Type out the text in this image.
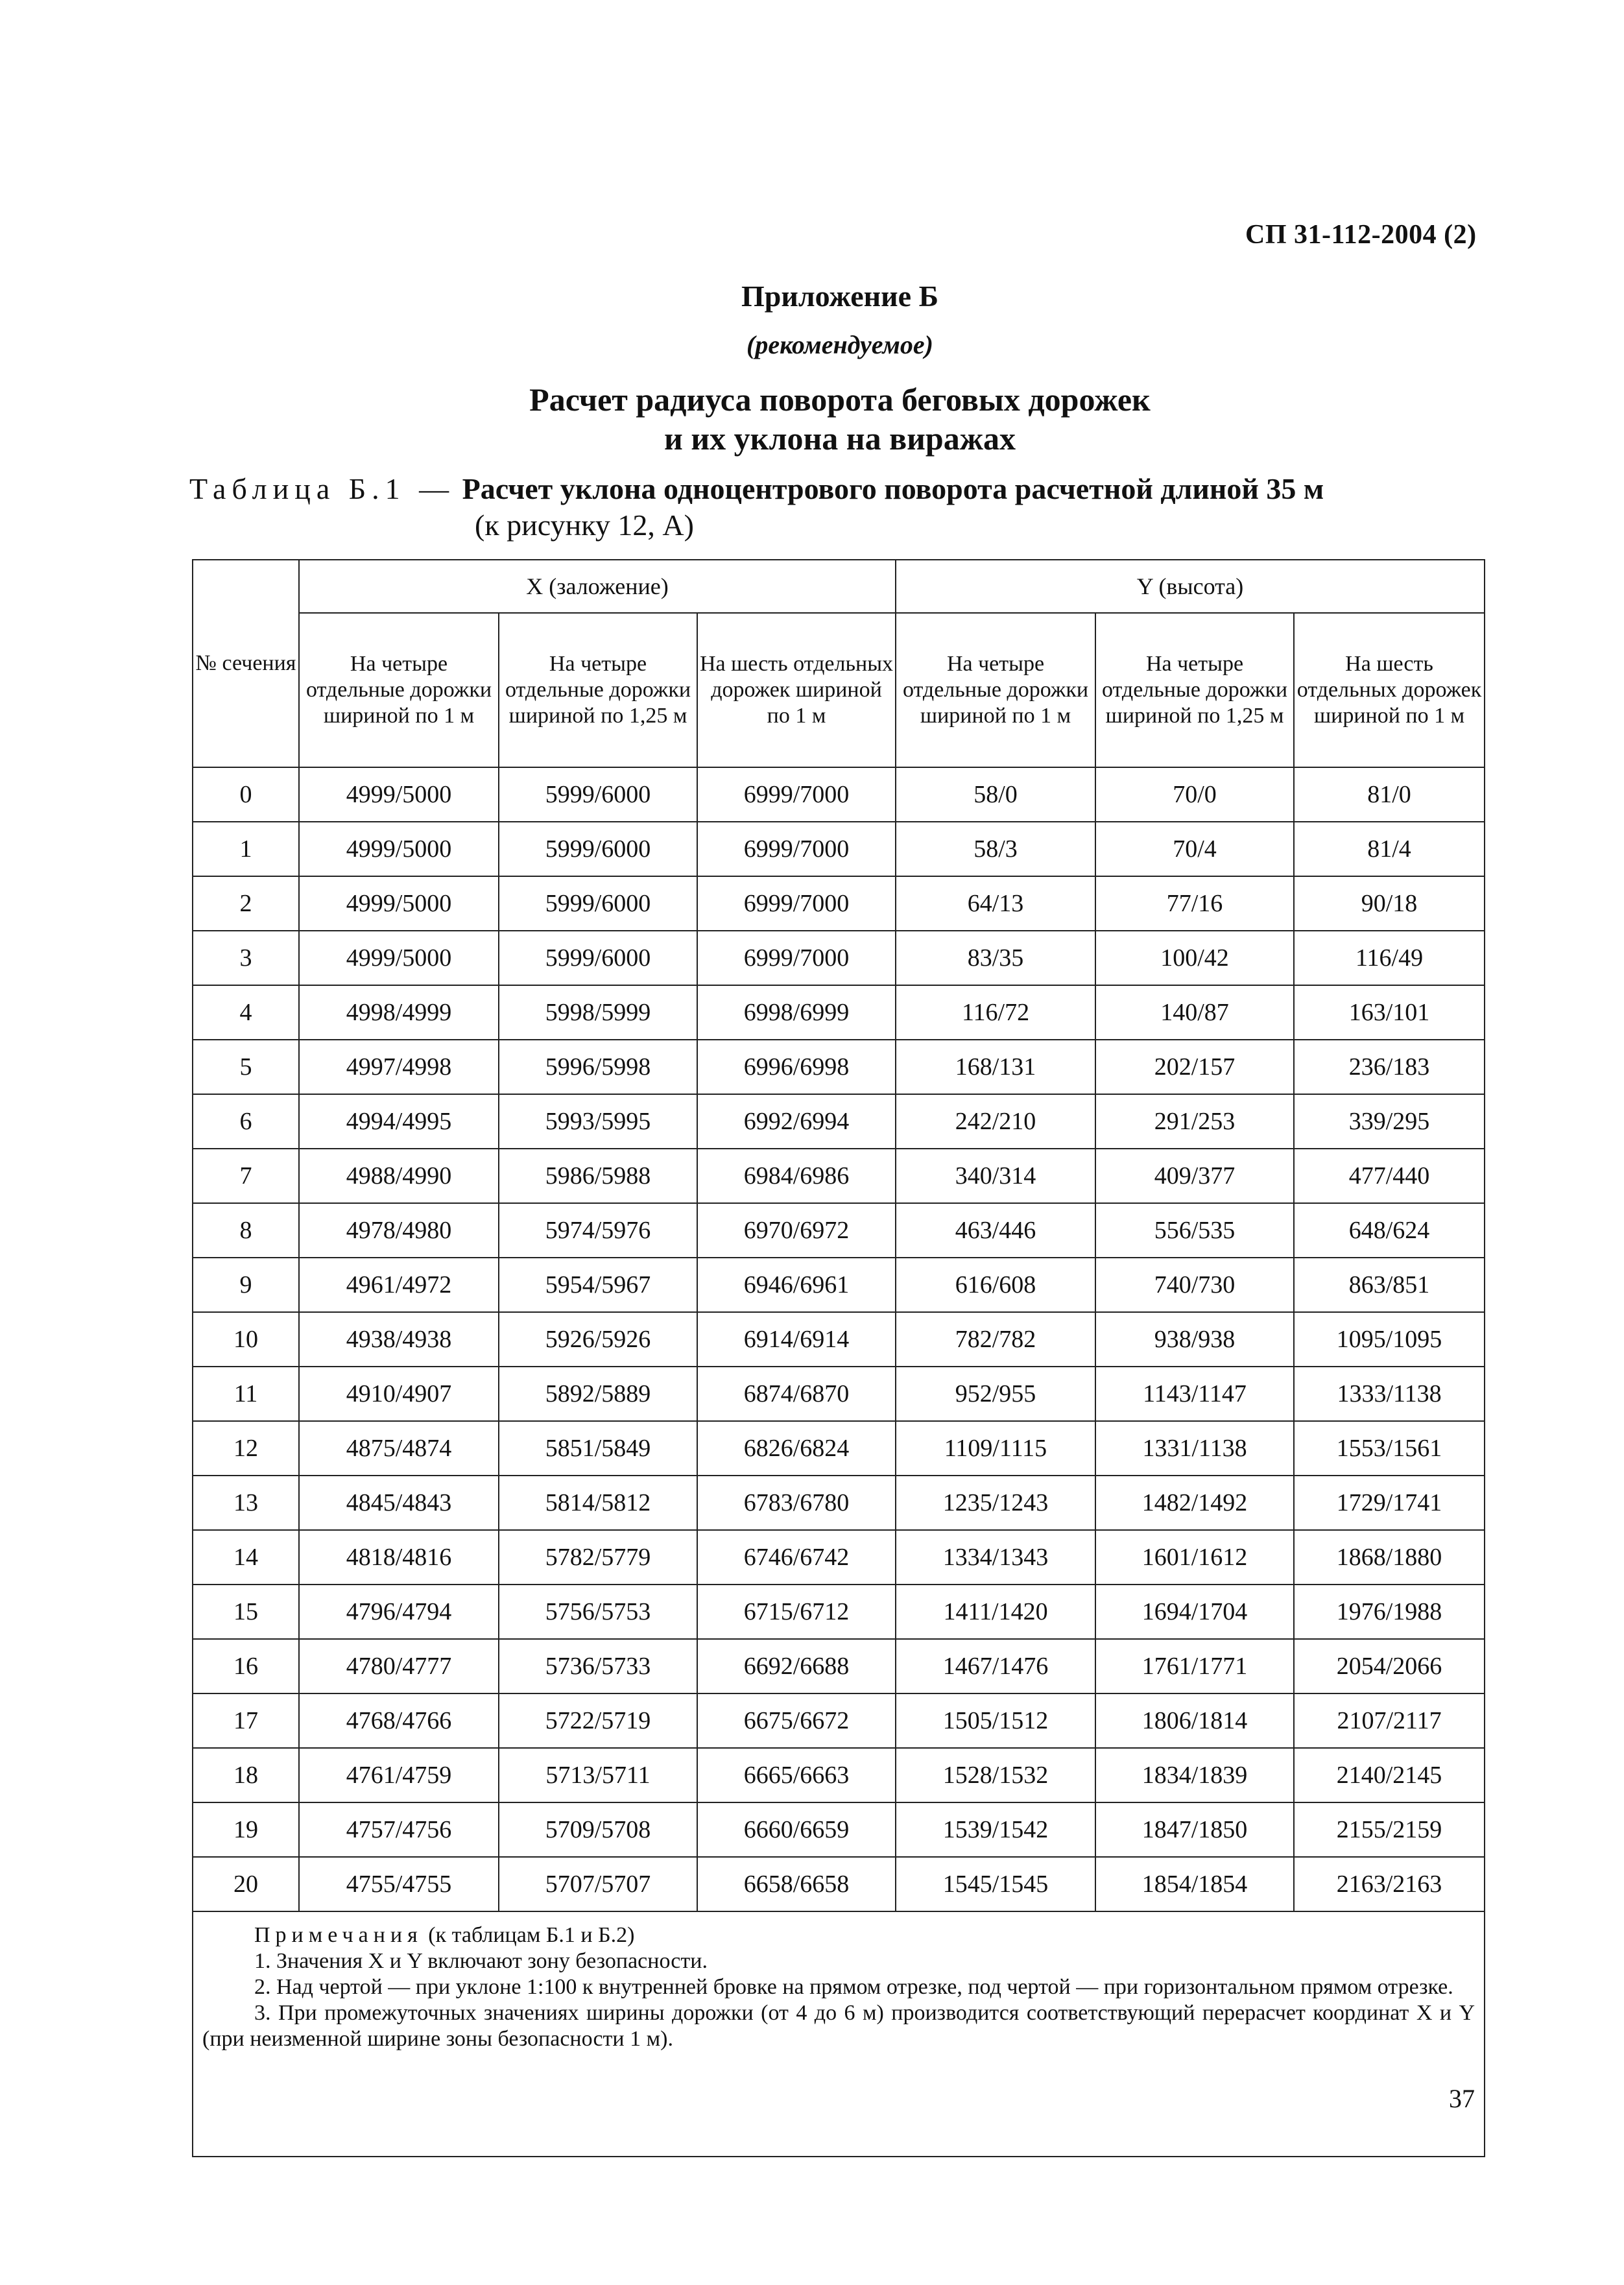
СП 31-112-2004 (2)
Приложение Б
(рекомендуемое)
Расчет радиуса поворота беговых дорожек
и их уклона на виражах
Таблица Б.1 — Расчет уклона одноцентрового поворота расчетной длиной 35 м
(к рисунку 12, А)
№ сечения	X (заложение)			Y (высота)		
	На четыре отдельные дорожки шириной по 1 м	На четыре отдельные дорожки шириной по 1,25 м	На шесть отдельных дорожек шириной по 1 м	На четыре отдельные дорожки шириной по 1 м	На четыре отдельные дорожки шириной по 1,25 м	На шесть отдельных дорожек шириной по 1 м
0	4999/5000	5999/6000	6999/7000	58/0	70/0	81/0
1	4999/5000	5999/6000	6999/7000	58/3	70/4	81/4
2	4999/5000	5999/6000	6999/7000	64/13	77/16	90/18
3	4999/5000	5999/6000	6999/7000	83/35	100/42	116/49
4	4998/4999	5998/5999	6998/6999	116/72	140/87	163/101
5	4997/4998	5996/5998	6996/6998	168/131	202/157	236/183
6	4994/4995	5993/5995	6992/6994	242/210	291/253	339/295
7	4988/4990	5986/5988	6984/6986	340/314	409/377	477/440
8	4978/4980	5974/5976	6970/6972	463/446	556/535	648/624
9	4961/4972	5954/5967	6946/6961	616/608	740/730	863/851
10	4938/4938	5926/5926	6914/6914	782/782	938/938	1095/1095
11	4910/4907	5892/5889	6874/6870	952/955	1143/1147	1333/1138
12	4875/4874	5851/5849	6826/6824	1109/1115	1331/1138	1553/1561
13	4845/4843	5814/5812	6783/6780	1235/1243	1482/1492	1729/1741
14	4818/4816	5782/5779	6746/6742	1334/1343	1601/1612	1868/1880
15	4796/4794	5756/5753	6715/6712	1411/1420	1694/1704	1976/1988
16	4780/4777	5736/5733	6692/6688	1467/1476	1761/1771	2054/2066
17	4768/4766	5722/5719	6675/6672	1505/1512	1806/1814	2107/2117
18	4761/4759	5713/5711	6665/6663	1528/1532	1834/1839	2140/2145
19	4757/4756	5709/5708	6660/6659	1539/1542	1847/1850	2155/2159
20	4755/4755	5707/5707	6658/6658	1545/1545	1854/1854	2163/2163

Примечания (к таблицам Б.1 и Б.2)
1. Значения X и Y включают зону безопасности.
2. Над чертой — при уклоне 1:100 к внутренней бровке на прямом отрезке, под чертой — при горизонтальном прямом отрезке.
3. При промежуточных значениях ширины дорожки (от 4 до 6 м) производится соответствующий перерасчет координат X и Y (при неизменной ширине зоны безопасности 1 м).						
37
